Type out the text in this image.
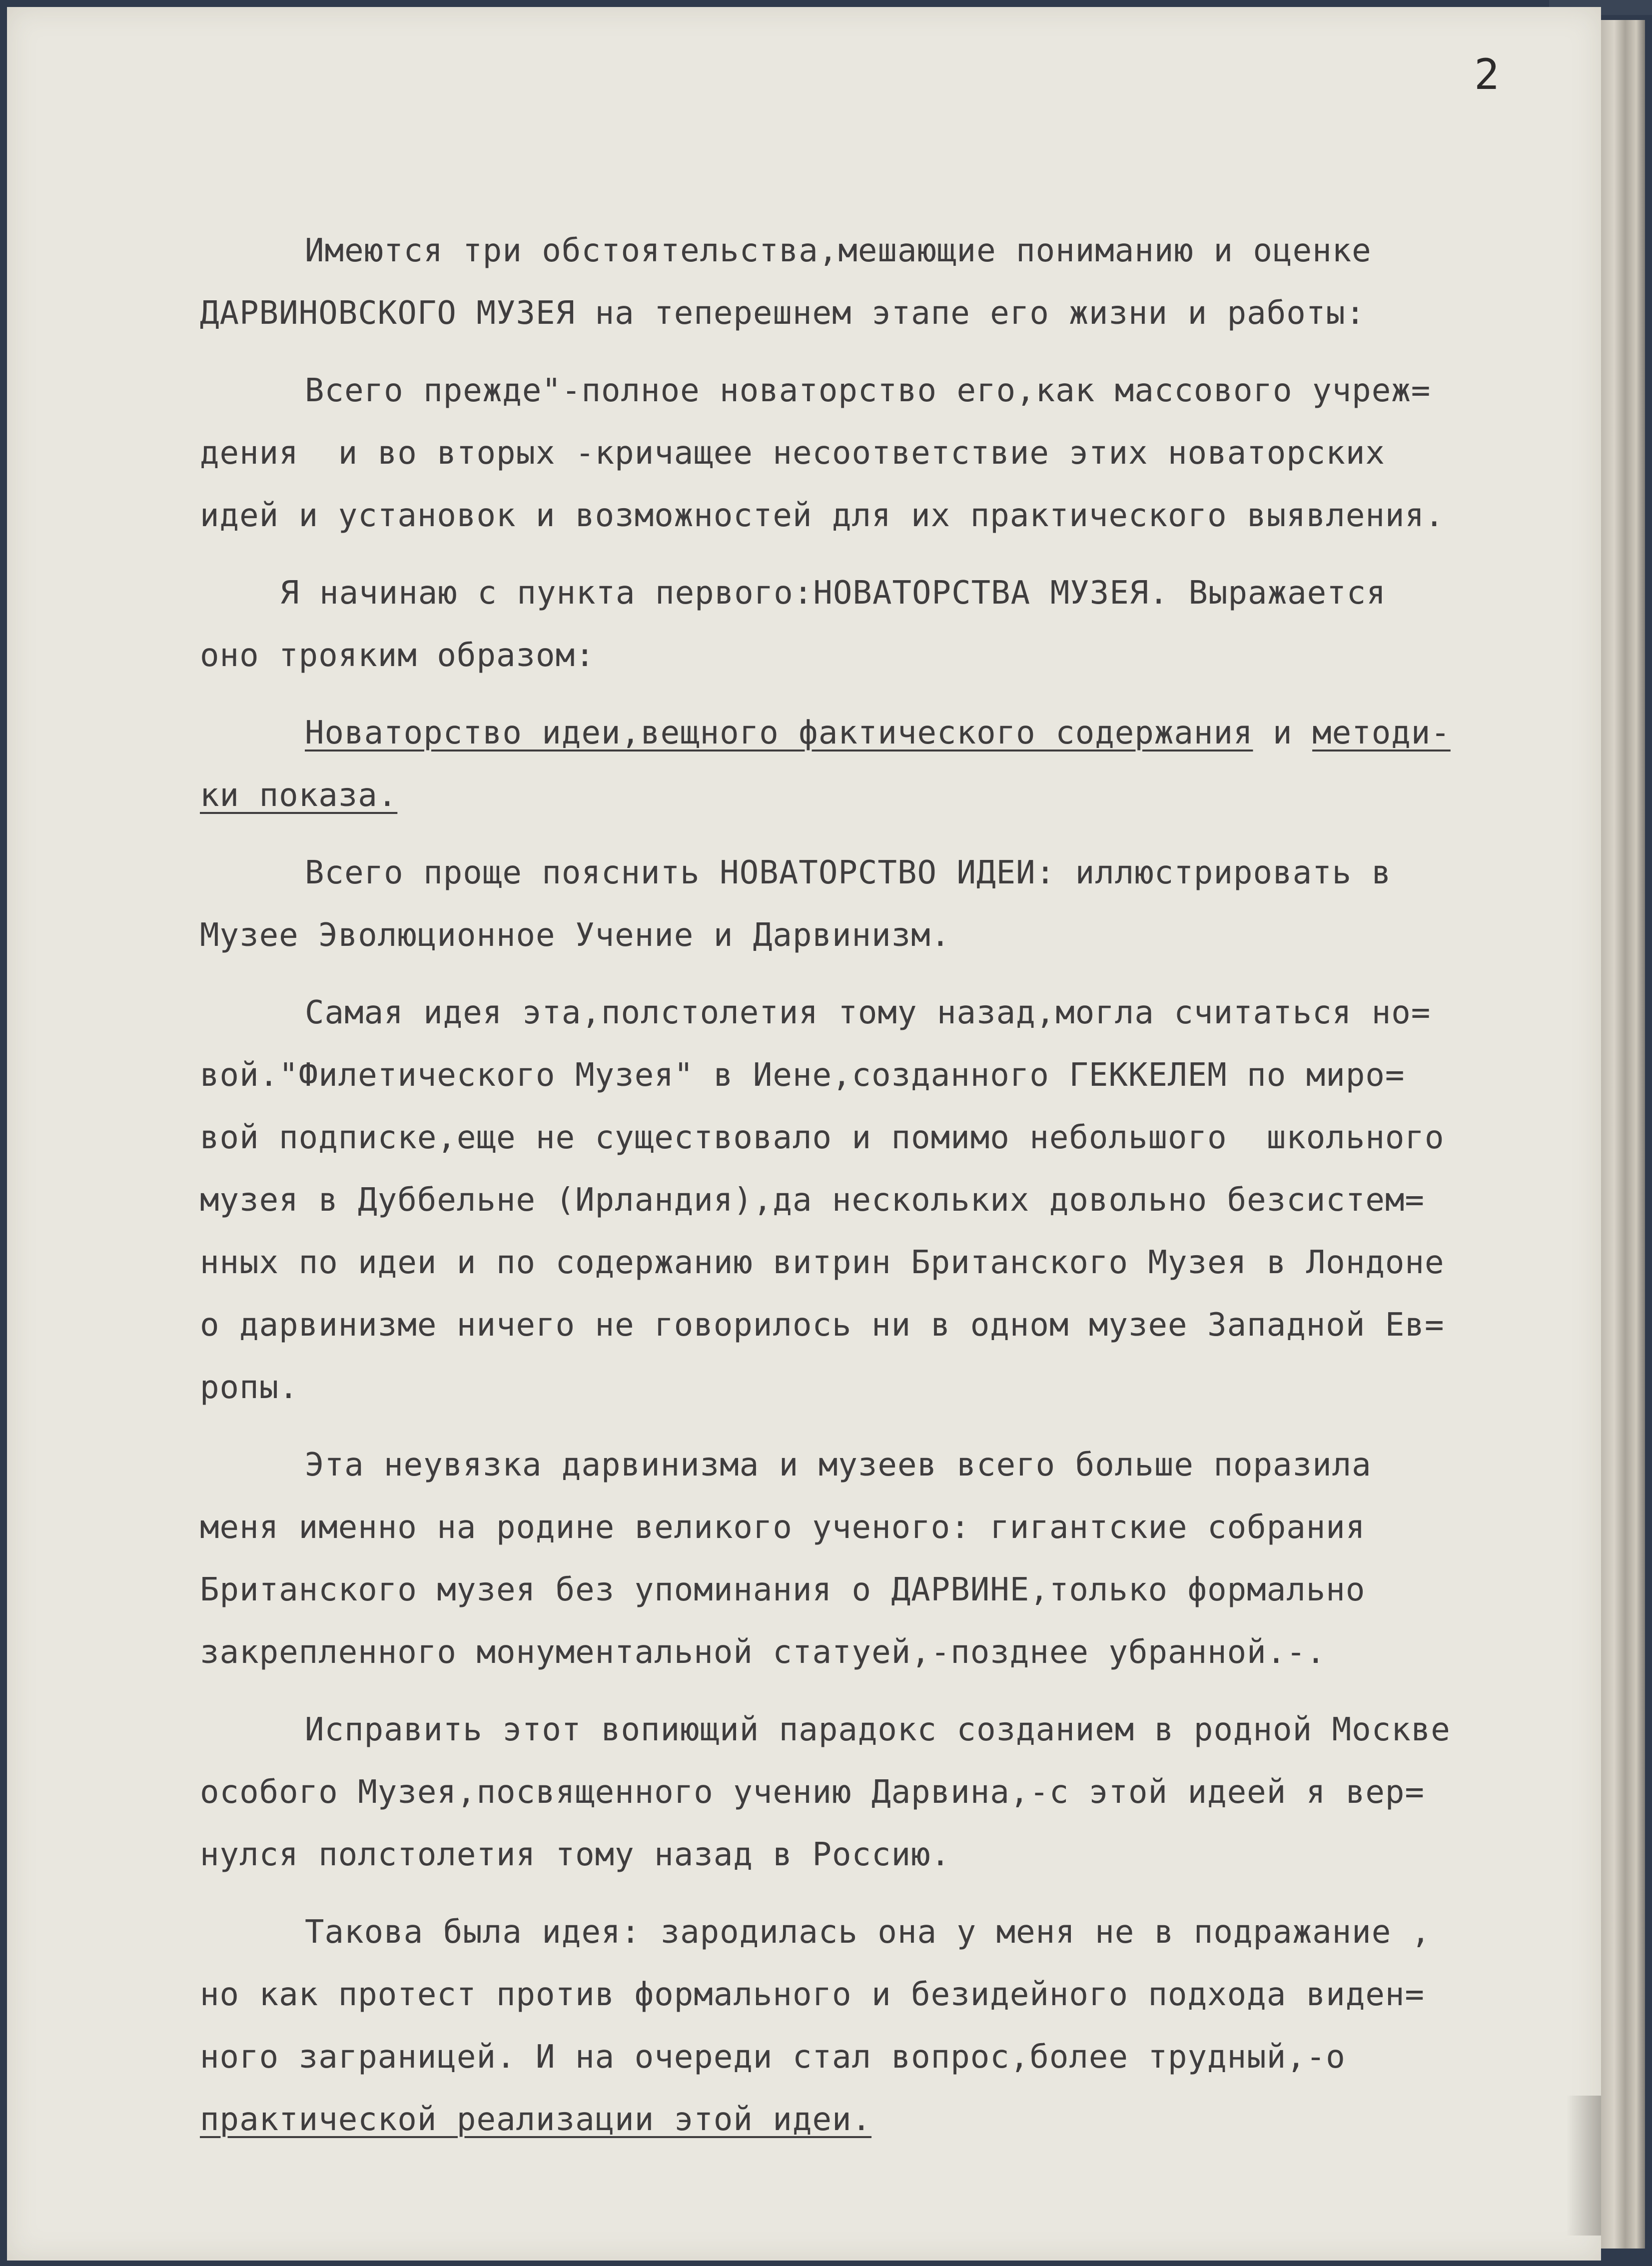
2
Имеются три обстоятельства,мешающие пониманию и оценке
ДАРВИНОВСКОГО МУЗЕЯ на теперешнем этапе его жизни и работы:
Всего прежде"-полное новаторство его,как массового учреж=
дения  и во вторых -кричащее несоответствие этих новаторских
идей и установок и возможностей для их практического выявления.
Я начинаю с пункта первого:НОВАТОРСТВА МУЗЕЯ. Выражается
оно трояким образом:
Новаторство идеи,вещного фактического содержания и методи-
ки показа.
Всего проще пояснить НОВАТОРСТВО ИДЕИ: иллюстрировать в
Музее Эволюционное Учение и Дарвинизм.
Самая идея эта,полстолетия тому назад,могла считаться но=
вой."Филетического Музея" в Иене,созданного ГЕККЕЛЕМ по миро=
вой подписке,еще не существовало и помимо небольшого  школьного
музея в Дуббельне (Ирландия),да нескольких довольно безсистем=
нных по идеи и по содержанию витрин Британского Музея в Лондоне
о дарвинизме ничего не говорилось ни в одном музее Западной Ев=
ропы.
Эта неувязка дарвинизма и музеев всего больше поразила
меня именно на родине великого ученого: гигантские собрания
Британского музея без упоминания о ДАРВИНЕ,только формально
закрепленного монументальной статуей,-позднее убранной.-.
Исправить этот вопиющий парадокс созданием в родной Москве
особого Музея,посвященного учению Дарвина,-с этой идеей я вер=
нулся полстолетия тому назад в Россию.
Такова была идея: зародилась она у меня не в подражание ,
но как протест против формального и безидейного подхода виден=
ного заграницей. И на очереди стал вопрос,более трудный,-о
практической реализации этой идеи.
